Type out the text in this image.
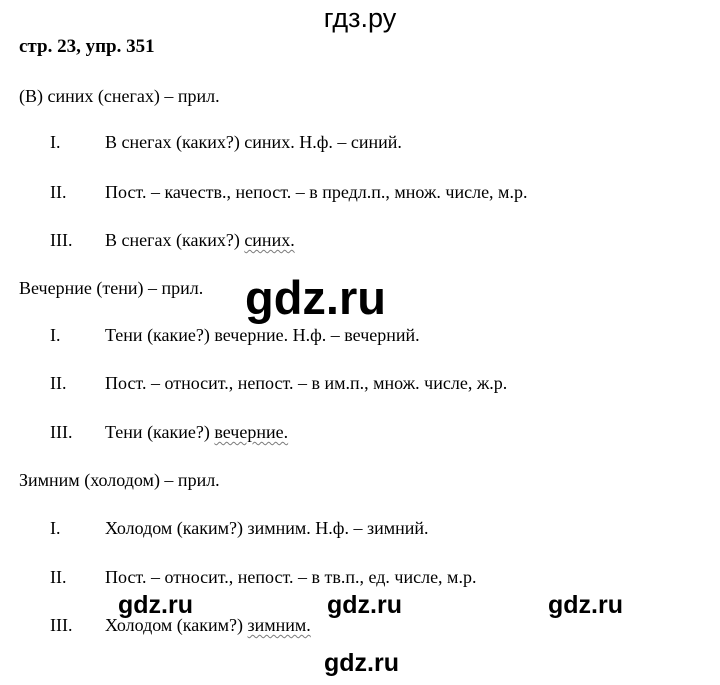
гдз.ру
стр. 23, упр. 351
(В) синих (снегах) – прил.
I. В снегах (каких?) синих. Н.ф. – синий.
II. Пост. – качеств., непост. – в предл.п., множ. числе, м.р.
III. В снегах (каких?) синих.
Вечерние (тени) – прил.
I. Тени (какие?) вечерние. Н.ф. – вечерний.
II. Пост. – относит., непост. – в им.п., множ. числе, ж.р.
III. Тени (какие?) вечерние.
Зимним (холодом) – прил.
I. Холодом (каким?) зимним. Н.ф. – зимний.
II. Пост. – относит., непост. – в тв.п., ед. числе, м.р.
III. Холодом (каким?) зимним.
gdz.ru
gdz.ru	gdz.ru	gdz.ru
gdz.ru
